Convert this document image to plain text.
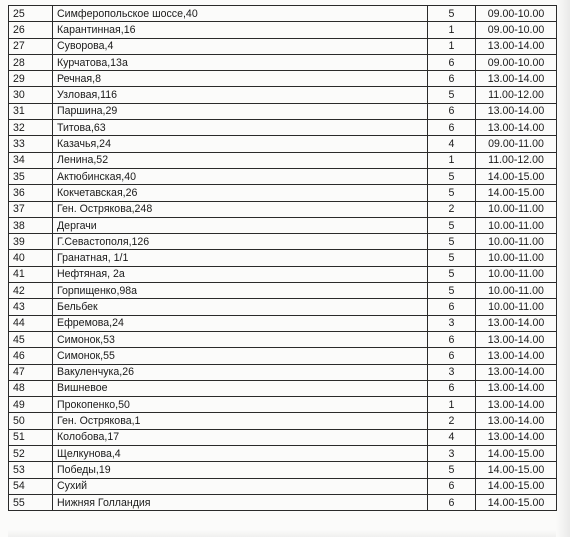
25	Симферопольское шоссе,40	5	09.00-10.00
26	Карантинная,16	1	09.00-10.00
27	Суворова,4	1	13.00-14.00
28	Курчатова,13а	6	09.00-10.00
29	Речная,8	6	13.00-14.00
30	Узловая,116	5	11.00-12.00
31	Паршина,29	6	13.00-14.00
32	Титова,63	6	13.00-14.00
33	Казачья,24	4	09.00-11.00
34	Ленина,52	1	11.00-12.00
35	Актюбинская,40	5	14.00-15.00
36	Кокчетавская,26	5	14.00-15.00
37	Ген. Острякова,248	2	10.00-11.00
38	Дергачи	5	10.00-11.00
39	Г.Севастополя,126	5	10.00-11.00
40	Гранатная, 1/1	5	10.00-11.00
41	Нефтяная, 2а	5	10.00-11.00
42	Горпищенко,98а	5	10.00-11.00
43	Бельбек	6	10.00-11.00
44	Ефремова,24	3	13.00-14.00
45	Симонок,53	6	13.00-14.00
46	Симонок,55	6	13.00-14.00
47	Вакуленчука,26	3	13.00-14.00
48	Вишневое	6	13.00-14.00
49	Прокопенко,50	1	13.00-14.00
50	Ген. Острякова,1	2	13.00-14.00
51	Колобова,17	4	13.00-14.00
52	Щелкунова,4	3	14.00-15.00
53	Победы,19	5	14.00-15.00
54	Сухий	6	14.00-15.00
55	Нижняя Голландия	6	14.00-15.00
